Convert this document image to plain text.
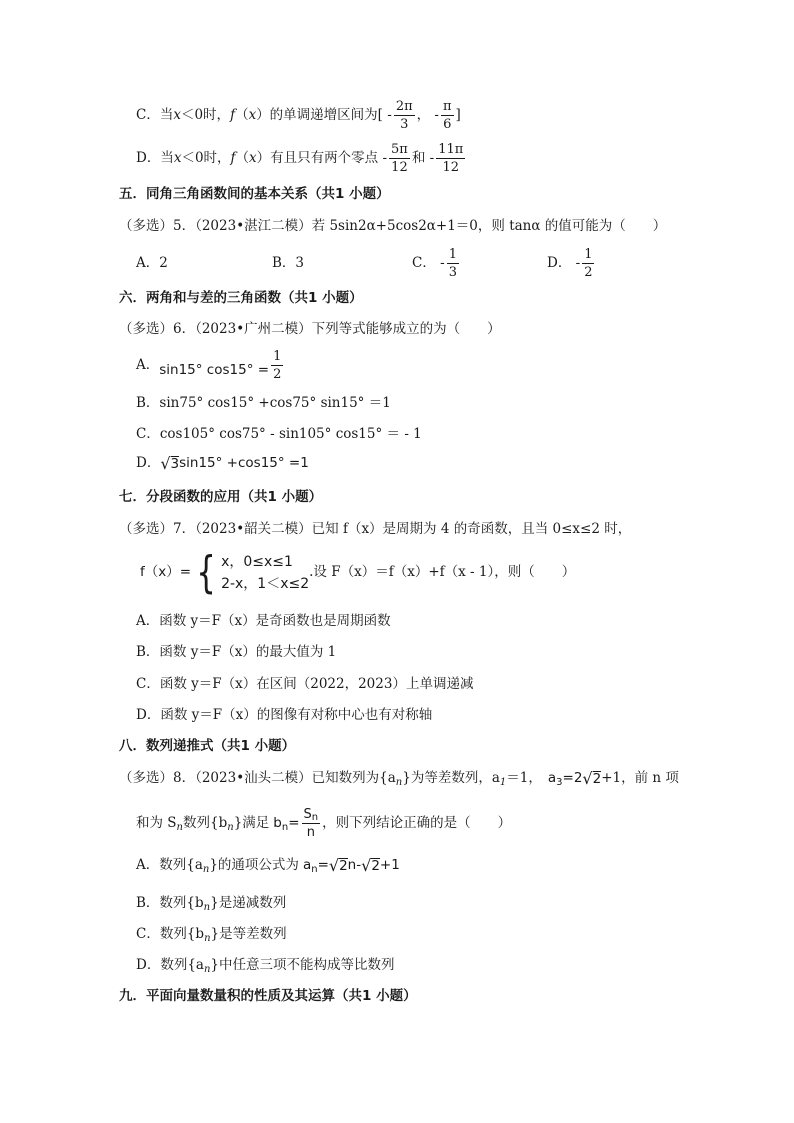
C．当 x ＜0时， f （ x ）的单调递增区间为[ - $\frac{2\pi}{3}$ ， - $\frac{\pi}{6}$ ]
D．当 x ＜0时， f （ x ）有且只有两个零点 - $\frac{5\pi}{12}$ 和 - $\frac{11\pi}{12}$
五．同角三角函数间的基本关系（共1 小题）
（多选）5．（2023•湛江二模）若 5sin2α+5cos2α+1＝0，则 tanα 的值可能为（　　）
A．2	B．3	C． - $\frac{1}{3}$	D． - $\frac{1}{2}$
六．两角和与差的三角函数（共1 小题）
（多选）6．（2023•广州二模）下列等式能够成立的为（　　）
A． sin15° $\cos 15^\circ = \frac{1}{2}$
B．sin75° cos15° +cos75° sin15° ＝1
C．cos105° cos75° - sin105° cos15° ＝ - 1
D． √ 3 sin15° +cos15° =1
七．分段函数的应用（共1 小题）
（多选）7．（2023•韶关二模）已知 f（x）是周期为 4 的奇函数，且当 0≤x≤2 时，
f（x）= { x，0≤x≤1
2-x，1＜x≤2
.设 F（x）＝f（x）+f（x - 1），则（　　）
A．函数 y＝F（x）是奇函数也是周期函数
B．函数 y＝F（x）的最大值为 1
C．函数 y＝F（x）在区间（2022，2023）上单调递减
D．函数 y＝F（x）的图像有对称中心也有对称轴
八．数列递推式（共1 小题）
（多选）8．（2023•汕头二模）已知数列为{a n }为等差数列，a 1 ＝1， a 3 =2 √ 2 +1，前 n 项
和为 S n 数列{b n }满足 b $n = \frac{Sn}{n}$ ，则下列结论正确的是（　　）
A．数列{a n }的通项公式为 a n = √ 2 n- √ 2 +1
B．数列{b n }是递减数列
C．数列{b n }是等差数列
D．数列{a n }中任意三项不能构成等比数列
九．平面向量数量积的性质及其运算（共1 小题）
